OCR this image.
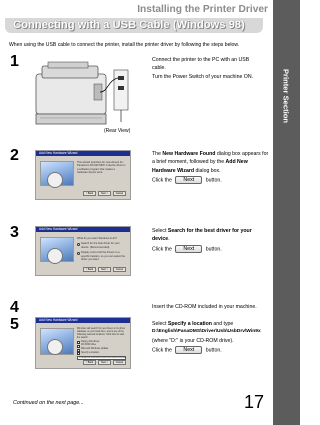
Installing the Printer Driver
Connecting with a USB Cable (Windows 98)
Printer Section
When using the USB cable to connect the printer, install the printer driver by following the steps below.
1
(Rear View)
Connect the printer to the PC with an USB cable.
Turn the Power Switch of your machine ON.
2	Add New Hardware Wizard
This wizard searches for new drivers for: Panasonic DX-600 MFP. A device driver is a software program that makes a hardware device work.
< Back	Next >	Cancel
The New Hardware Found dialog box appears for a brief moment, followed by the Add New Hardware Wizard dialog box.
Click the Next button.
3	Add New Hardware Wizard
What do you want Windows to do?
Search for the best driver for your device. (Recommended).
Display a list of all the drivers in a specific location, so you can select the driver you want.
< Back	Next >	Cancel
Select Search for the best driver for your device.
Click the Next button.
4	Insert the CD-ROM included in your machine.
5	Add New Hardware Wizard
Windows will search for new drivers in its driver database on your hard drive, and in any of the following selected locations. Click Next to start the search.
Floppy disk drives
CD-ROM drive
Microsoft Windows Update
Specify a location:
D:\English\PanaDMS\Driver\Usb\UsbDrv\Win9x
< Back	Next >	Cancel
Select Specify a location and type
D:\English\PanaDMS\Driver\Usb\UsbDrv\Win9x
(where "D:" is your CD-ROM drive).
Click the Next button.
Continued on the next page...	17
